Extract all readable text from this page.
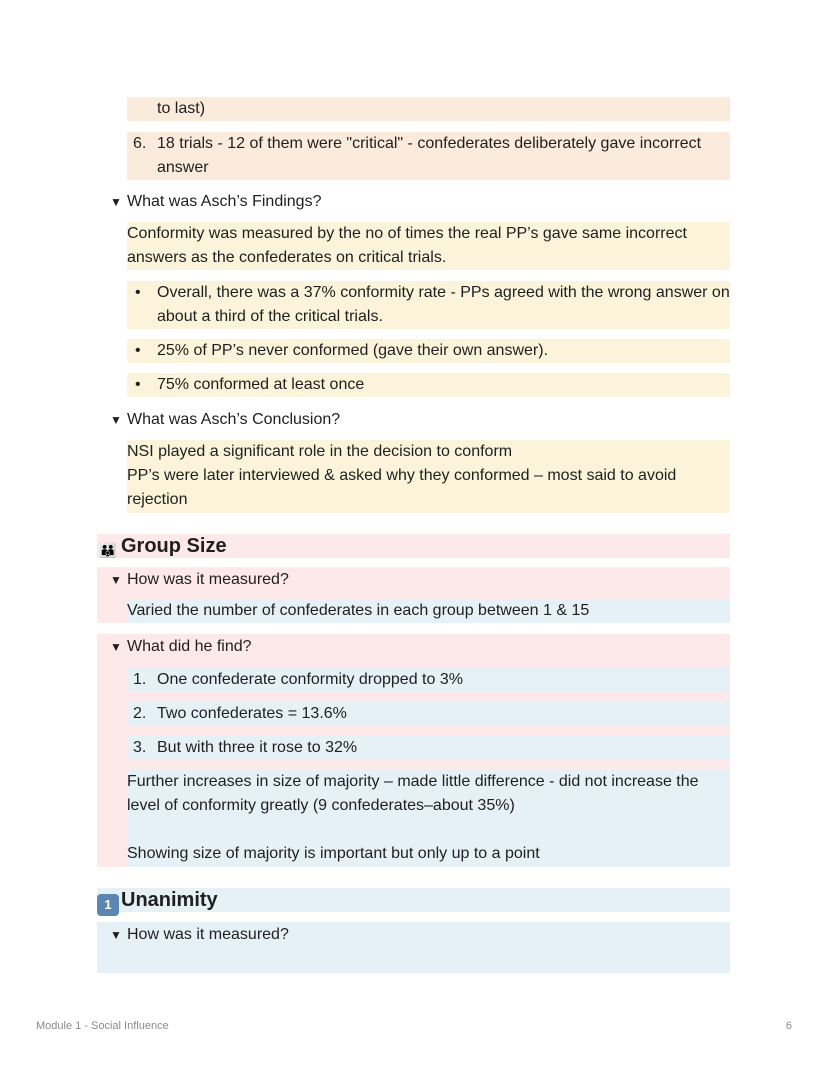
to last)
6. 18 trials - 12 of them were "critical" - confederates deliberately gave incorrect answer
▼ What was Asch’s Findings?
Conformity was measured by the no of times the real PP’s gave same incorrect answers as the confederates on critical trials.
• Overall, there was a 37% conformity rate - PPs agreed with the wrong answer on about a third of the critical trials.
• 25% of PP’s never conformed (gave their own answer).
• 75% conformed at least once
▼ What was Asch’s Conclusion?
NSI played a significant role in the decision to conform
PP’s were later interviewed & asked why they conformed – most said to avoid rejection
👪 Group Size
▼ How was it measured?
Varied the number of confederates in each group between 1 & 15
▼ What did he find?
1. One confederate conformity dropped to 3%
2. Two confederates = 13.6%
3. But with three it rose to 32%
Further increases in size of majority – made little difference - did not increase the level of conformity greatly (9 confederates–about 35%)
Showing size of majority is important but only up to a point
1 Unanimity
▼ How was it measured?
Module 1 - Social Influence	6
